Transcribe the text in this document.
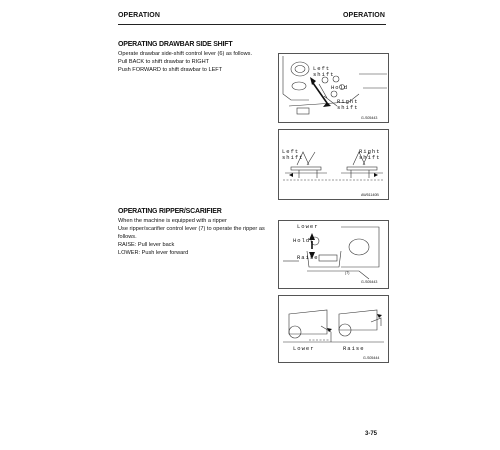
OPERATION	OPERATION
OPERATING DRAWBAR SIDE SHIFT
Operate drawbar side-shift control lever (6) as follows.
Pull BACK to shift drawbar to RIGHT
Push FORWARD to shift drawbar to LEFT
OPERATING RIPPER/SCARIFIER
When the machine is equipped with a ripper
Use ripper/scarifier control lever (7) to operate the ripper as follows.
RAISE: Pull lever back
LOWER: Push lever forward
Left
shift
Hold
Right
shift
G-S05443
Left
shift
Right
shift
AW51140B
Lower
Hold
Raise
(7)
G-S05443
Lower	Raise
G-S05444
3-75
